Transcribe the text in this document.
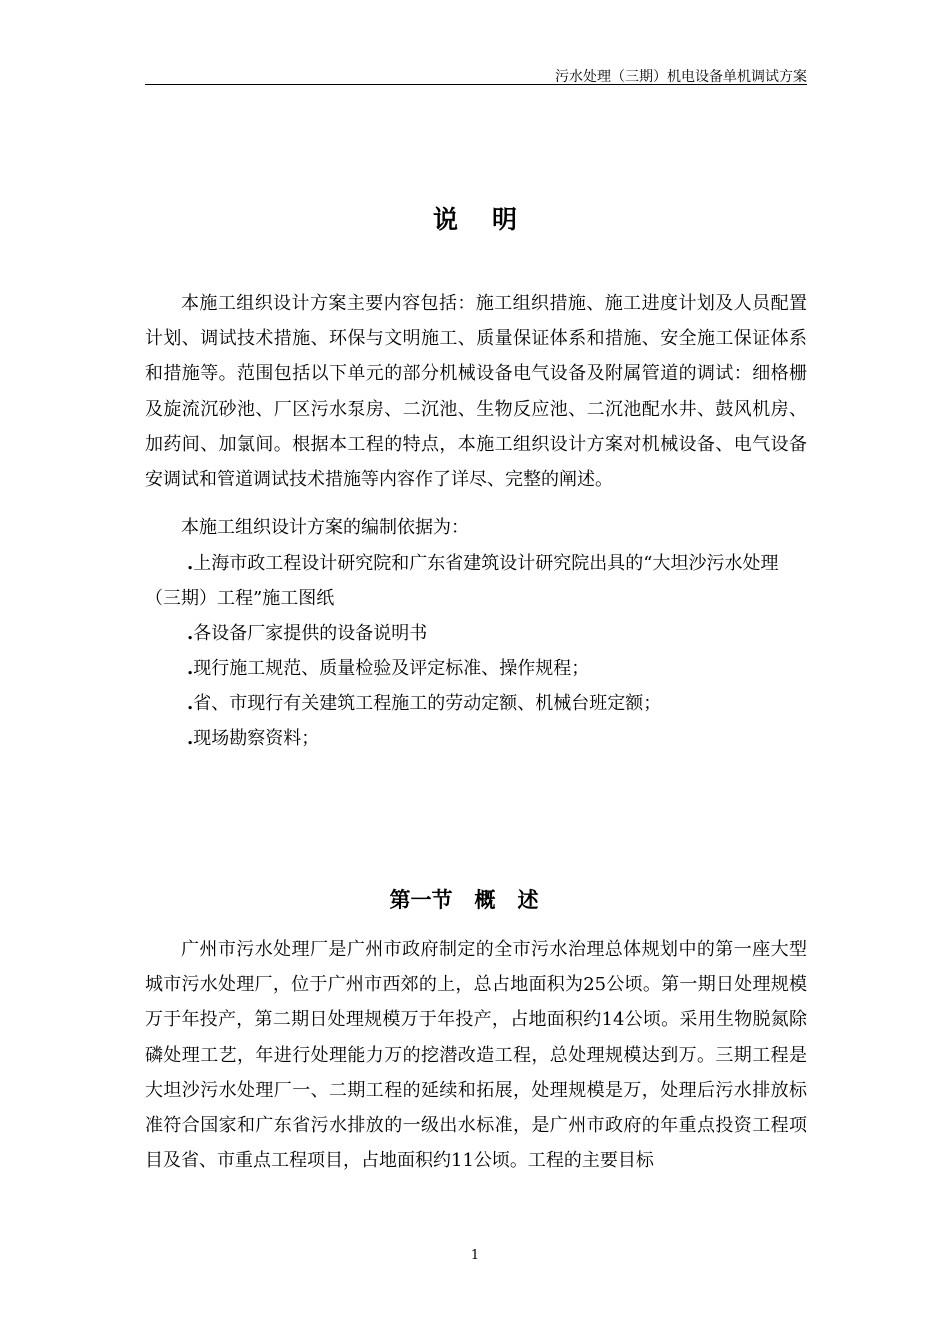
污水处理（三期）机电设备单机调试方案
说明

本施工组织设计方案主要内容包括：施工组织措施、施工进度计划及人员配置计划、调试技术措施、环保与文明施工、质量保证体系和措施、安全施工保证体系和措施等。范围包括以下单元的部分机械设备电气设备及附属管道的调试：细格栅及旋流沉砂池、厂区污水泵房、二沉池、生物反应池、二沉池配水井、鼓风机房、加药间、加氯间。根据本工程的特点，本施工组织设计方案对机械设备、电气设备安调试和管道调试技术措施等内容作了详尽、完整的阐述。

本施工组织设计方案的编制依据为：

.上海市政工程设计研究院和广东省建筑设计研究院出具的“大坦沙污水处理（三期）工程”施工图纸

.各设备厂家提供的设备说明书

.现行施工规范、质量检验及评定标准、操作规程；

.省、市现行有关建筑工程施工的劳动定额、机械台班定额；

.现场勘察资料；

第一节 概述

广州市污水处理厂是广州市政府制定的全市污水治理总体规划中的第一座大型城市污水处理厂，位于广州市西郊的上，总占地面积为25公顷。第一期日处理规模万于年投产，第二期日处理规模万于年投产，占地面积约14公顷。采用生物脱氮除磷处理工艺，年进行处理能力万的挖潜改造工程，总处理规模达到万。三期工程是大坦沙污水处理厂一、二期工程的延续和拓展，处理规模是万，处理后污水排放标准符合国家和广东省污水排放的一级出水标准，是广州市政府的年重点投资工程项目及省、市重点工程项目，占地面积约11公顷。工程的主要目标

1
